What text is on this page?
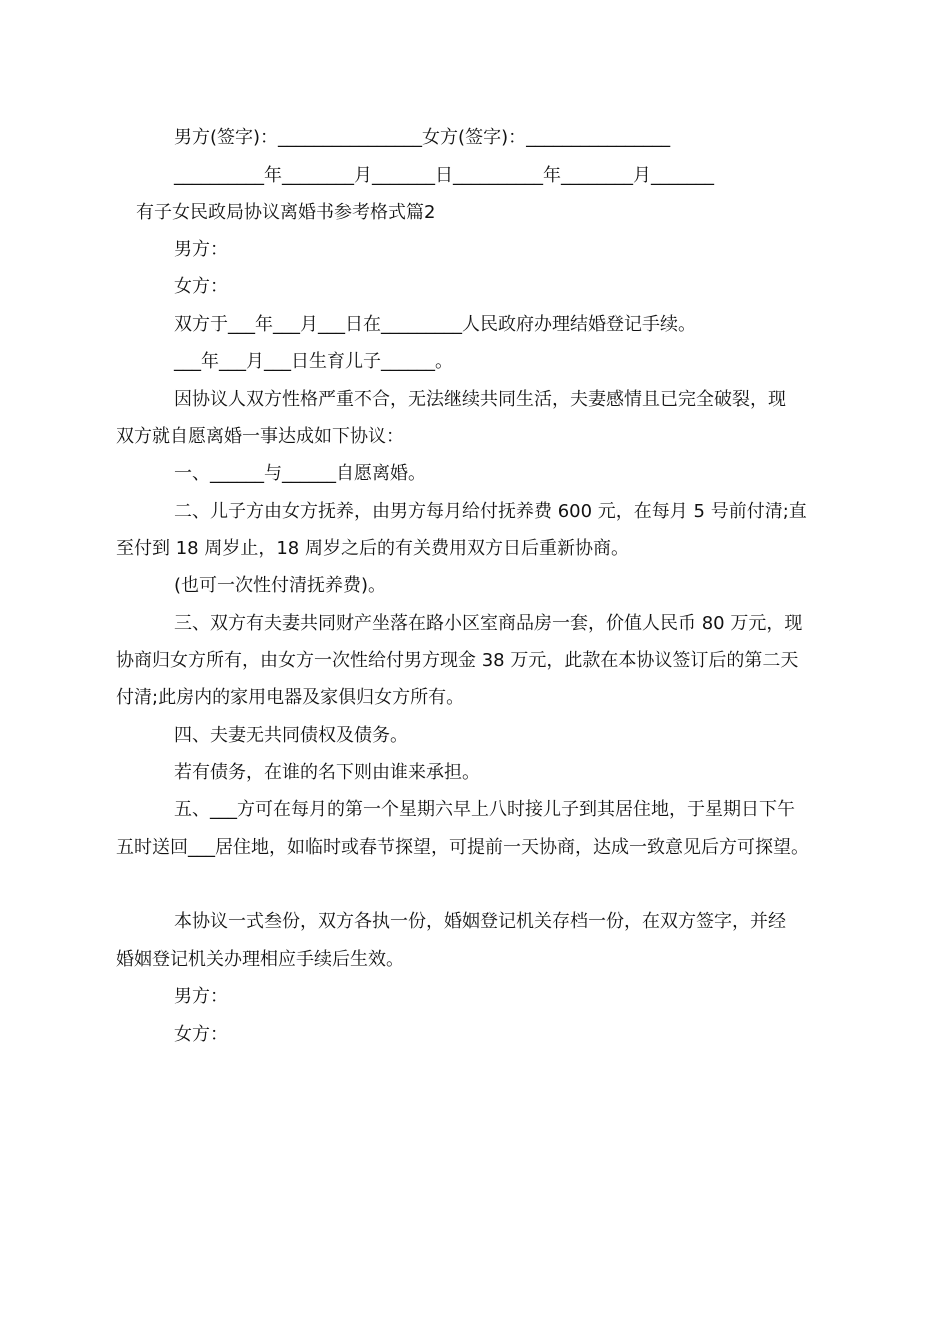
男方(签字)：________________女方(签字)：________________
__________年________月_______日__________年________月_______
有子女民政局协议离婚书参考格式篇2
男方：
女方：
双方于___年___月___日在_________人民政府办理结婚登记手续。
___年___月___日生育儿子______。
因协议人双方性格严重不合，无法继续共同生活，夫妻感情且已完全破裂，现
双方就自愿离婚一事达成如下协议：
一、______与______自愿离婚。
二、儿子方由女方抚养，由男方每月给付抚养费 600 元，在每月 5 号前付清;直
至付到 18 周岁止，18 周岁之后的有关费用双方日后重新协商。
(也可一次性付清抚养费)。
三、双方有夫妻共同财产坐落在路小区室商品房一套，价值人民币 80 万元，现
协商归女方所有，由女方一次性给付男方现金 38 万元，此款在本协议签订后的第二天
付清;此房内的家用电器及家俱归女方所有。
四、夫妻无共同债权及债务。
若有债务，在谁的名下则由谁来承担。
五、___方可在每月的第一个星期六早上八时接儿子到其居住地，于星期日下午
五时送回___居住地，如临时或春节探望，可提前一天协商，达成一致意见后方可探望。
本协议一式叁份，双方各执一份，婚姻登记机关存档一份，在双方签字，并经
婚姻登记机关办理相应手续后生效。
男方：
女方：
